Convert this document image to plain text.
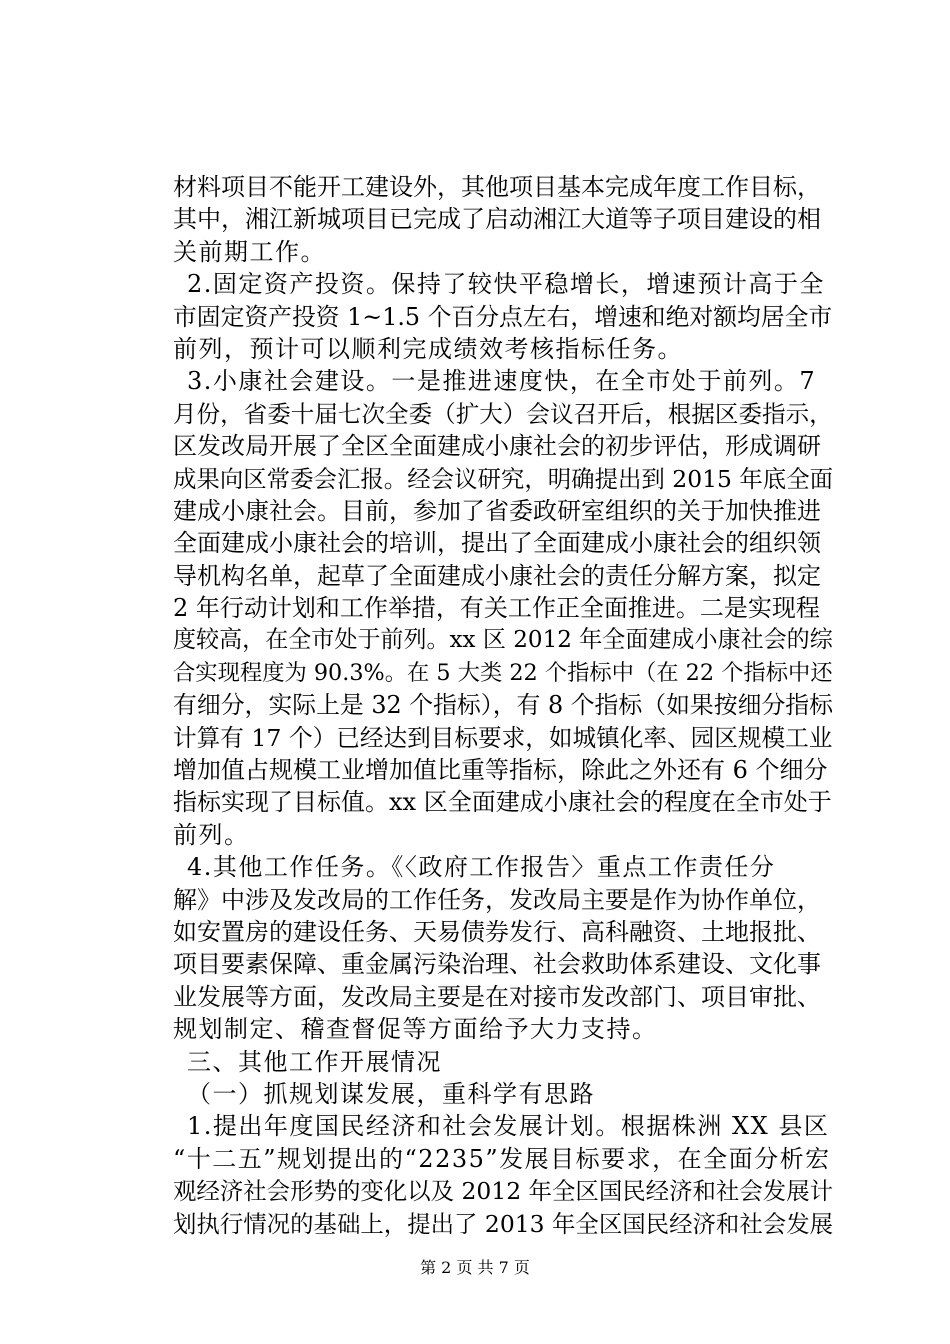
材料项目不能开工建设外，其他项目基本完成年度工作目标，
其中，湘江新城项目已完成了启动湘江大道等子项目建设的相
关前期工作。
2.固定资产投资。保持了较快平稳增长，增速预计高于全
市固定资产投资 1~1.5 个百分点左右，增速和绝对额均居全市
前列，预计可以顺利完成绩效考核指标任务。
3.小康社会建设。一是推进速度快，在全市处于前列。7
月份，省委十届七次全委（扩大）会议召开后，根据区委指示，
区发改局开展了全区全面建成小康社会的初步评估，形成调研
成果向区常委会汇报。经会议研究，明确提出到 2015 年底全面
建成小康社会。目前，参加了省委政研室组织的关于加快推进
全面建成小康社会的培训，提出了全面建成小康社会的组织领
导机构名单，起草了全面建成小康社会的责任分解方案，拟定
2 年行动计划和工作举措，有关工作正全面推进。二是实现程
度较高，在全市处于前列。xx 区 2012 年全面建成小康社会的综
合实现程度为 90.3%。在 5 大类 22 个指标中（在 22 个指标中还
有细分，实际上是 32 个指标），有 8 个指标（如果按细分指标
计算有 17 个）已经达到目标要求，如城镇化率、园区规模工业
增加值占规模工业增加值比重等指标，除此之外还有 6 个细分
指标实现了目标值。xx 区全面建成小康社会的程度在全市处于
前列。
4.其他工作任务。《〈政府工作报告〉重点工作责任分
解》中涉及发改局的工作任务，发改局主要是作为协作单位，
如安置房的建设任务、天易债券发行、高科融资、土地报批、
项目要素保障、重金属污染治理、社会救助体系建设、文化事
业发展等方面，发改局主要是在对接市发改部门、项目审批、
规划制定、稽查督促等方面给予大力支持。
三、其他工作开展情况
（一）抓规划谋发展，重科学有思路
1.提出年度国民经济和社会发展计划。根据株洲 XX 县区
“十二五”规划提出的“2235”发展目标要求，在全面分析宏
观经济社会形势的变化以及 2012 年全区国民经济和社会发展计
划执行情况的基础上，提出了 2013 年全区国民经济和社会发展
第 2 页 共 7 页
